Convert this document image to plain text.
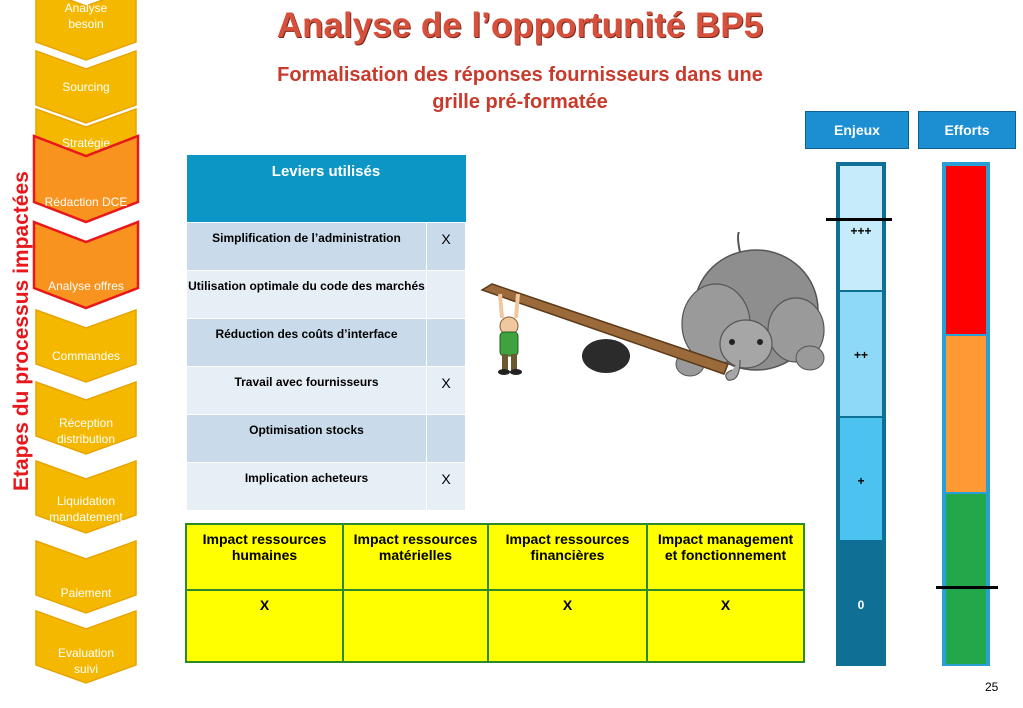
Analyse
besoin
Sourcing
Stratégie
Rédaction DCE
Analyse offres
Commandes
Réception
distribution
Liquidation
mandatement
Paiement
Evaluation
suivi
Etapes du processus impactées
Analyse de l’opportunité BP5
Formalisation des réponses fournisseurs dans une
grille pré-formatée
Leviers utilisés	
Simplification de l’administration	X
Utilisation optimale du code des marchés	
Réduction des coûts d’interface	
Travail avec fournisseurs	X
Optimisation stocks	
Implication acheteurs	X
Impact ressources humaines	Impact ressources matérielles	Impact ressources financières	Impact management et fonctionnement
X		X	X
Enjeux	Efforts
+++
++
+
0
25
